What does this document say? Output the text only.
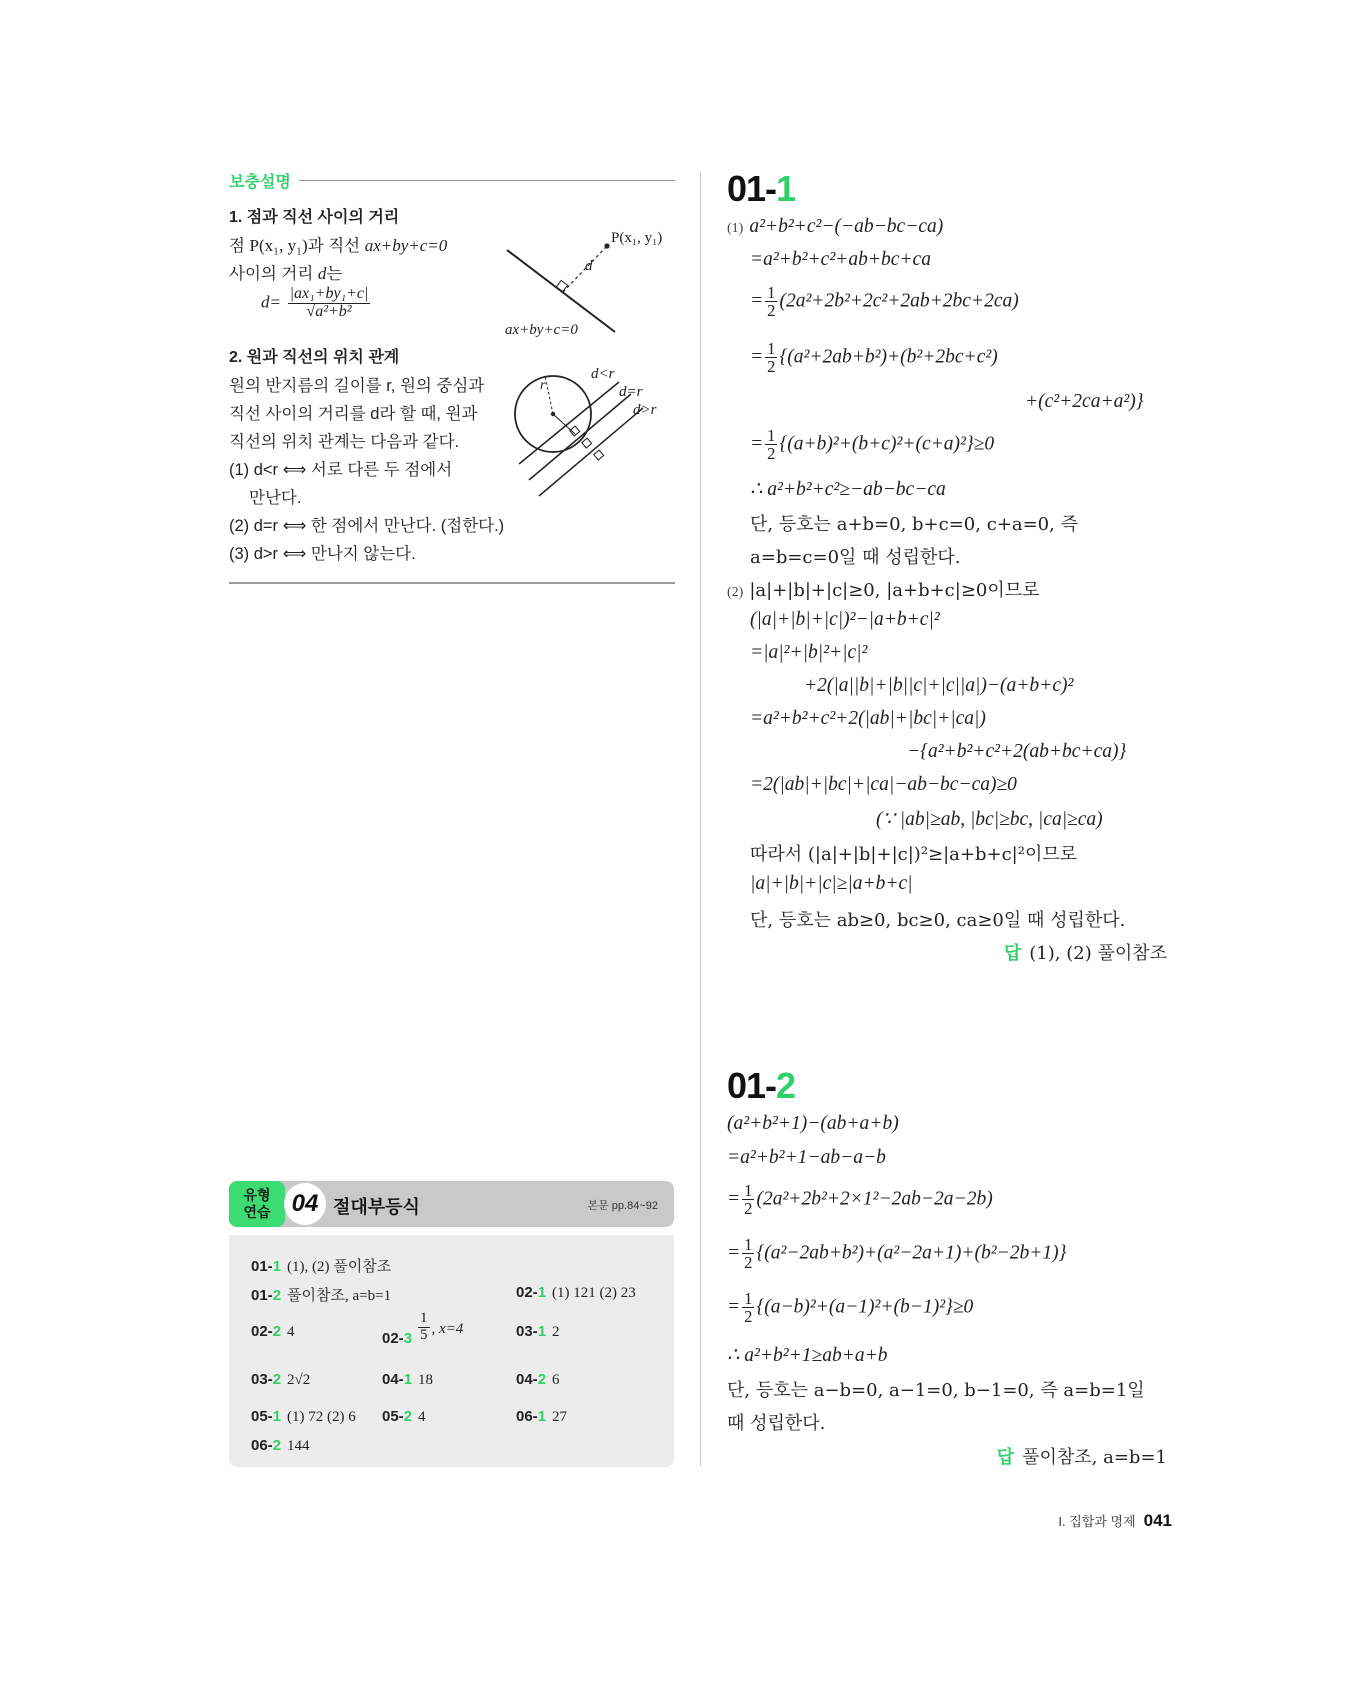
보충설명
1. 점과 직선 사이의 거리
점 P(x₁, y₁)과 직선 ax+by+c=0
사이의 거리 d는
$d= \frac{\text{|ax₁+by₁+c|}}{\text{√a²+b²}}$
P(x₁, y₁)
d
ax+by+c=0
2. 원과 직선의 위치 관계
원의 반지름의 길이를 r, 원의 중심과
직선 사이의 거리를 d라 할 때, 원과
직선의 위치 관계는 다음과 같다.
(1) d<r ⟺ 서로 다른 두 점에서
만난다.
(2) d=r ⟺ 한 점에서 만난다. (접한다.)
(3) d>r ⟺ 만나지 않는다.
r
d<r
d=r
d>r
유형
연습 04 절대부등식	본문 pp.84~92
01-1 (1), (2) 풀이참조
01-2 풀이참조, a=b=1	02-1 (1) 121 (2) 23
02-2 4	$02-3 \frac{1}{5}$ , x=4	03-1 2
03-2 2√2	04-1 18	04-2 6
05-1 (1) 72 (2) 6 05-2 4	06-1 27
06-2 144
01-1
(1) a²+b²+c²−(−ab−bc−ca)
=a²+b²+c²+ab+bc+ca
= $\frac{1}{2} (2a^2+2b^2+2c^2+2ab+2bc+2ca)$
= $\frac{1}{2} \{(a^2+2ab+b^2)+(b^2+2bc+c^2)$
+(c²+2ca+a²)}
= $\frac{1}{2} \{(a+b)^2+(b+c)^2+(c+a)^2\}\ge 0$
∴ a²+b²+c²≥−ab−bc−ca
단, 등호는 a+b=0, b+c=0, c+a=0, 즉
a=b=c=0일 때 성립한다.
(2) |a|+|b|+|c|≥0, |a+b+c|≥0이므로
(|a|+|b|+|c|)²−|a+b+c|²
=|a|²+|b|²+|c|²
+2(|a||b|+|b||c|+|c||a|)−(a+b+c)²
=a²+b²+c²+2(|ab|+|bc|+|ca|)
−{a²+b²+c²+2(ab+bc+ca)}
=2(|ab|+|bc|+|ca|−ab−bc−ca)≥0
(∵ |ab|≥ab, |bc|≥bc, |ca|≥ca)
따라서 (|a|+|b|+|c|)²≥|a+b+c|²이므로
|a|+|b|+|c|≥|a+b+c|
단, 등호는 ab≥0, bc≥0, ca≥0일 때 성립한다.
답 (1), (2) 풀이참조
01-2
(a²+b²+1)−(ab+a+b)
=a²+b²+1−ab−a−b
= $\frac{1}{2} (2a^2+2b^2+2\times 1^2-2ab-2a-2b)$
= $\frac{1}{2} \{(a^2-2ab+b^2)+(a^2-2a+1)+(b^2-2b+1)\}$
= $\frac{1}{2} \{(a-b)^2+(a-1)^2+(b-1)^2\}\ge 0$
∴ a²+b²+1≥ab+a+b
단, 등호는 a−b=0, a−1=0, b−1=0, 즉 a=b=1일
때 성립한다.
답 풀이참조, a=b=1
I. 집합과 명제 041
